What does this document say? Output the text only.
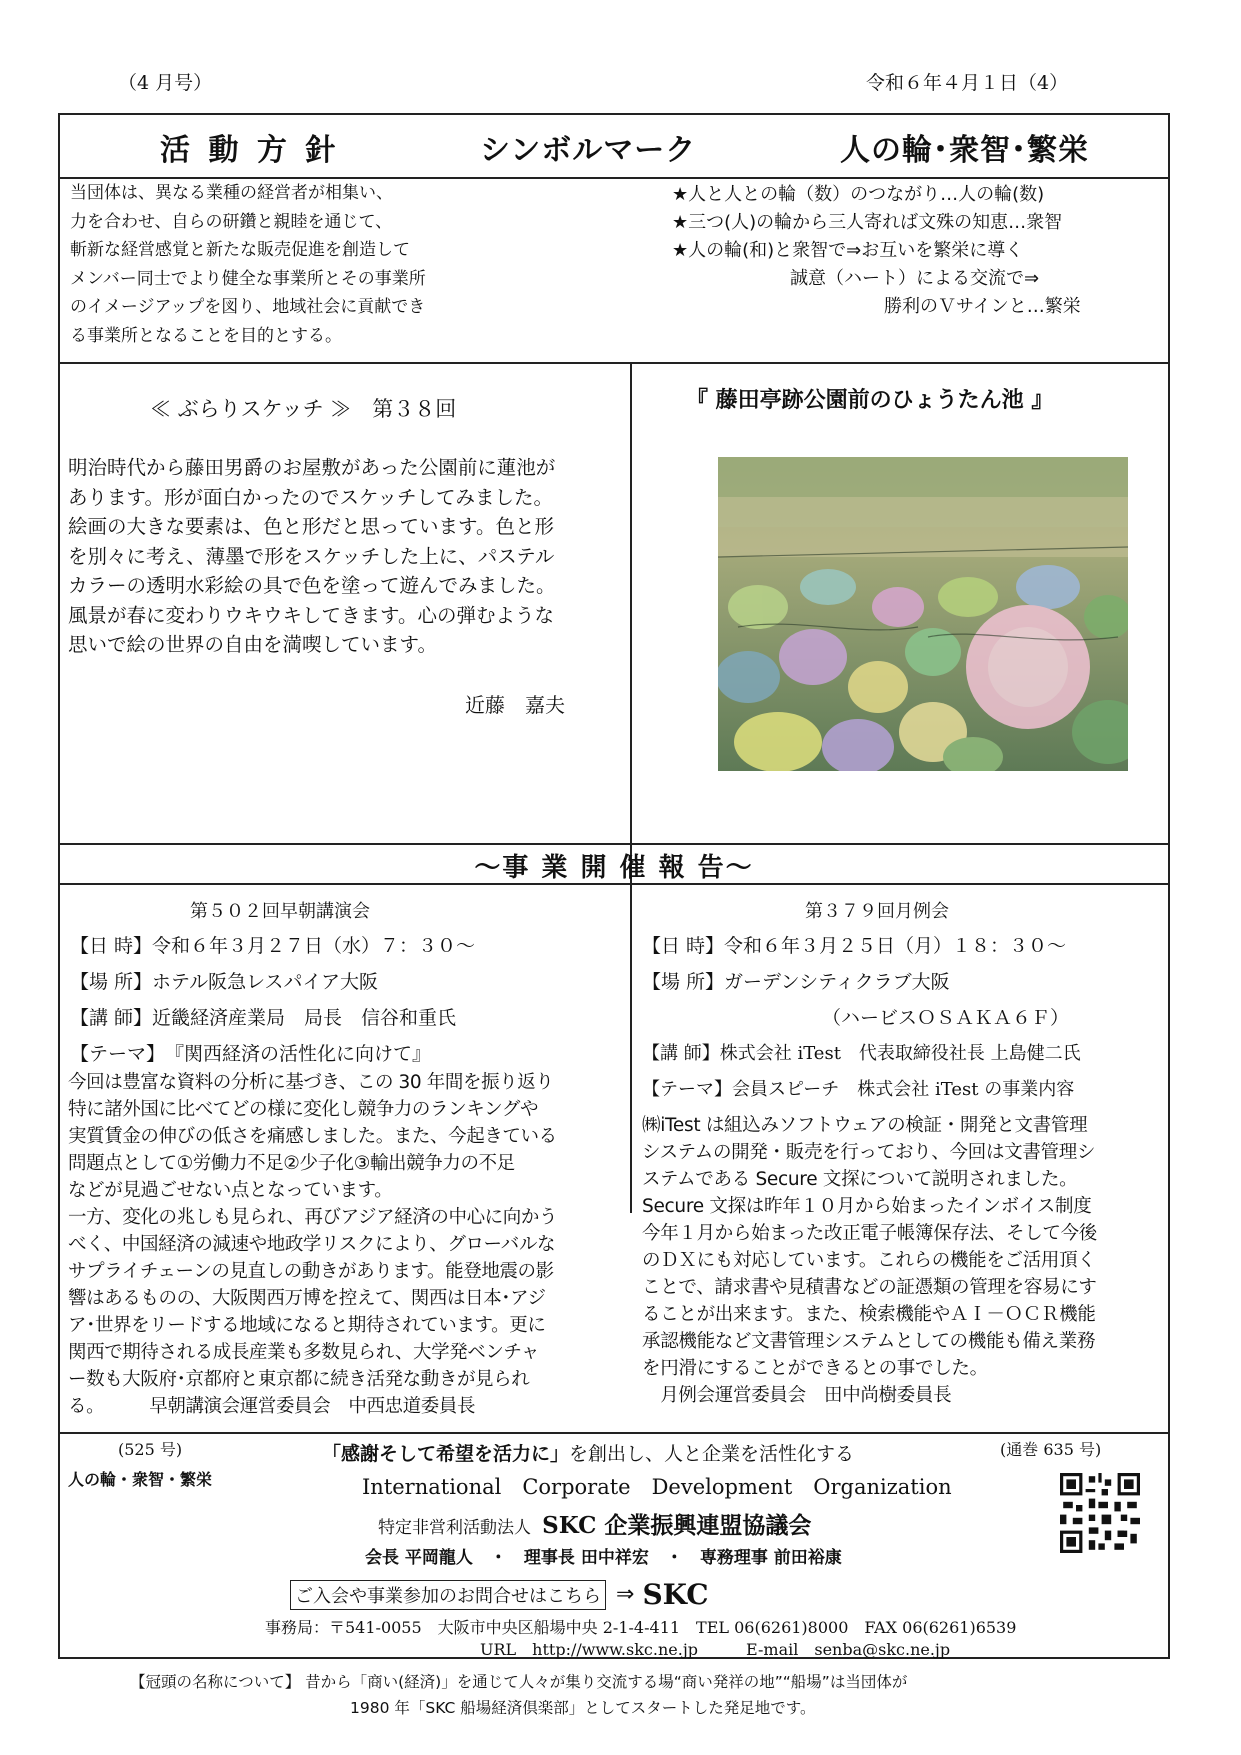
（4 月号）	令和６年４月１日（4）
活 動 方 針	シンボルマーク	人の輪･衆智･繁栄
当団体は、異なる業種の経営者が相集い、
力を合わせ、自らの研鑽と親睦を通じて、
斬新な経営感覚と新たな販売促進を創造して
メンバー同士でより健全な事業所とその事業所
のイメージアップを図り、地域社会に貢献でき
る事業所となることを目的とする。
★人と人との輪（数）のつながり…人の輪(数)
★三つ(人)の輪から三人寄れば文殊の知恵…衆智
★人の輪(和)と衆智で⇒お互いを繁栄に導く
誠意（ハート）による交流で⇒
勝利のＶサインと…繁栄
≪ ぶらりスケッチ ≫　第３８回
明治時代から藤田男爵のお屋敷があった公園前に蓮池が
あります。形が面白かったのでスケッチしてみました。
絵画の大きな要素は、色と形だと思っています。色と形
を別々に考え、薄墨で形をスケッチした上に、パステル
カラーの透明水彩絵の具で色を塗って遊んでみました。
風景が春に変わりウキウキしてきます。心の弾むような
思いで絵の世界の自由を満喫しています。
近藤　嘉夫
『 藤田亭跡公園前のひょうたん池 』
～事 業 開 催 報 告～
第５０２回早朝講演会
【日 時】令和６年３月２７日（水）７：３０～
【場 所】ホテル阪急レスパイア大阪
【講 師】近畿経済産業局　局長　信谷和重氏
【テーマ】　『関西経済の活性化に向けて』
今回は豊富な資料の分析に基づき、この 30 年間を振り返り
特に諸外国に比べてどの様に変化し競争力のランキングや
実質賃金の伸びの低さを痛感しました。また、今起きている
問題点として①労働力不足②少子化③輸出競争力の不足
などが見過ごせない点となっています。
一方、変化の兆しも見られ、再びアジア経済の中心に向かう
べく、中国経済の減速や地政学リスクにより、グローバルな
サプライチェーンの見直しの動きがあります。能登地震の影
響はあるものの、大阪関西万博を控えて、関西は日本･アジ
ア･世界をリードする地域になると期待されています。更に
関西で期待される成長産業も多数見られ、大学発ベンチャ
ー数も大阪府･京都府と東京都に続き活発な動きが見られ
る。　　　早朝講演会運営委員会　中西忠道委員長
第３７９回月例会
【日 時】令和６年３月２５日（月）１８：３０～
【場 所】ガーデンシティクラブ大阪
（ハービスＯＳＡＫＡ６Ｆ）
【講 師】株式会社 iTest　代表取締役社長 上島健二氏
【テーマ】会員スピーチ　株式会社 iTest の事業内容
㈱iTest は組込みソフトウェアの検証・開発と文書管理
システムの開発・販売を行っており、今回は文書管理シ
ステムである Secure 文探について説明されました。
Secure 文探は昨年１０月から始まったインボイス制度
今年１月から始まった改正電子帳簿保存法、そして今後
のＤＸにも対応しています。これらの機能をご活用頂く
ことで、請求書や見積書などの証憑類の管理を容易にす
ることが出来ます。また、検索機能やＡＩ－ＯＣＲ機能
承認機能など文書管理システムとしての機能も備え業務
を円滑にすることができるとの事でした。
　月例会運営委員会　田中尚樹委員長
(525 号)
人の輪・衆智・繁栄
(通巻 635 号)
「感謝そして希望を活力に」を創出し、人と企業を活性化する
International　Corporate　Development　Organization
特定非営利活動法人 SKC 企業振興連盟協議会
会長 平岡龍人　・　理事長 田中祥宏　・　専務理事 前田裕康
ご入会や事業参加のお問合せはこちら ⇒ SKC
事務局：〒541-0055　大阪市中央区船場中央 2-1-4-411　TEL 06(6261)8000　FAX 06(6261)6539
URL　http://www.skc.ne.jp　　　E-mail　senba@skc.ne.jp
【冠頭の名称について】 昔から「商い(経済)」を通じて人々が集り交流する場“商い発祥の地”“船場”は当団体が
1980 年「SKC 船場経済倶楽部」としてスタートした発足地です。
